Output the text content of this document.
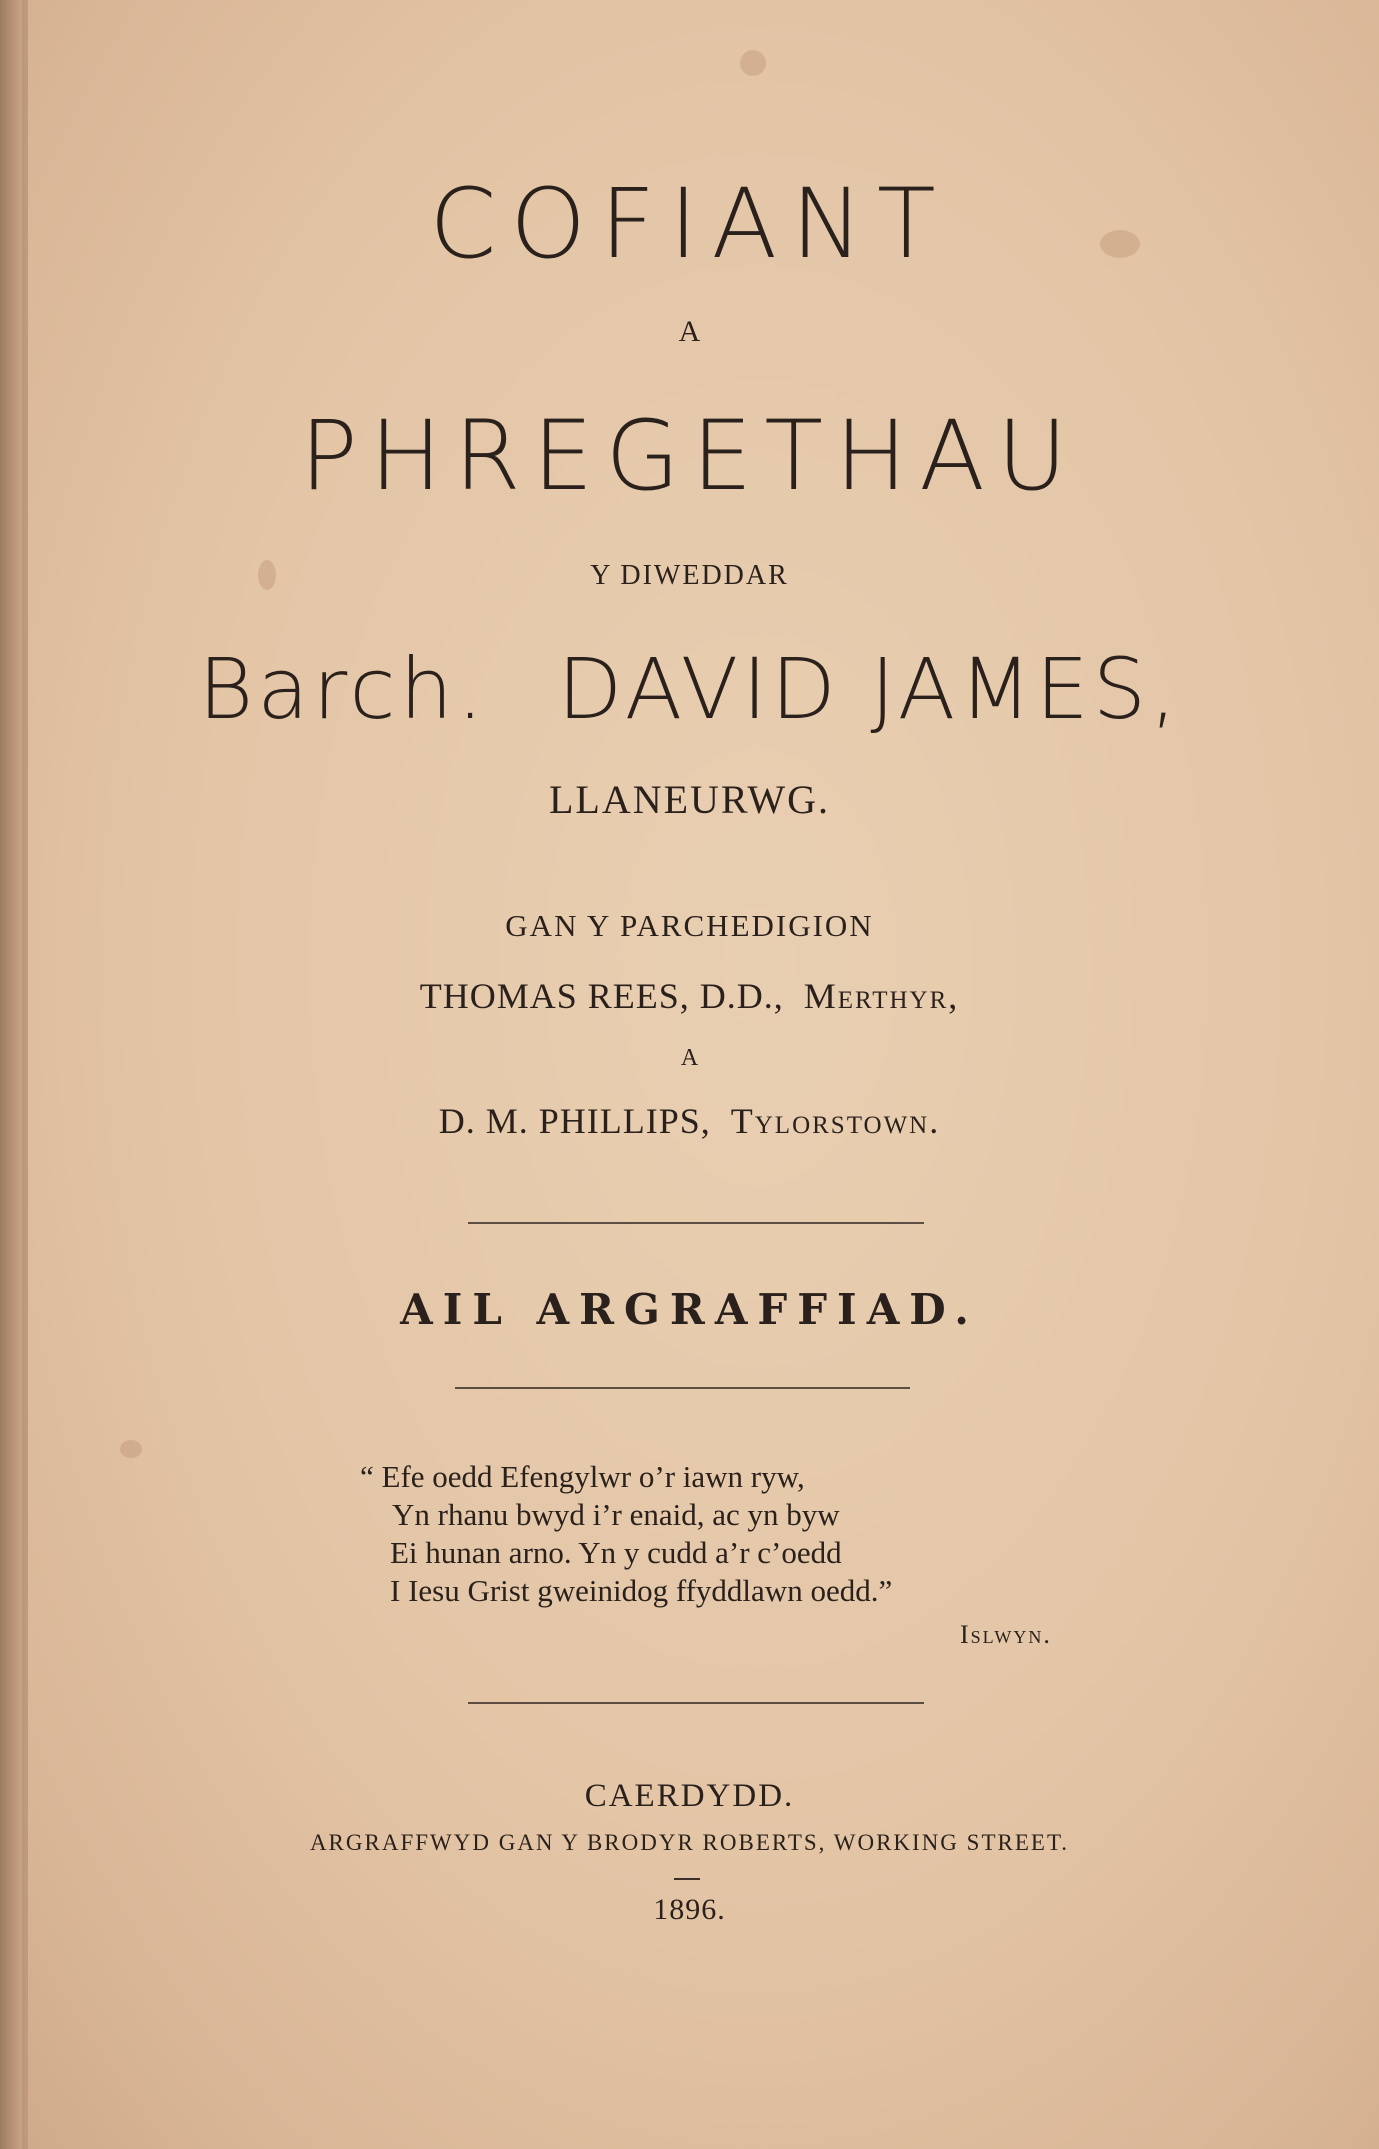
COFIANT
A
PHREGETHAU
Y DIWEDDAR
Barch. DAVID JAMES,
LLANEURWG.
GAN Y PARCHEDIGION
THOMAS REES, D.D., Merthyr,
A
D. M. PHILLIPS, Tylorstown.
AIL ARGRAFFIAD.
“ Efe oedd Efengylwr o’r iawn ryw,
Yn rhanu bwyd i’r enaid, ac yn byw
Ei hunan arno. Yn y cudd a’r c’oedd
I Iesu Grist gweinidog ffyddlawn oedd.”
Islwyn.
CAERDYDD.
ARGRAFFWYD GAN Y BRODYR ROBERTS, WORKING STREET.
1896.
